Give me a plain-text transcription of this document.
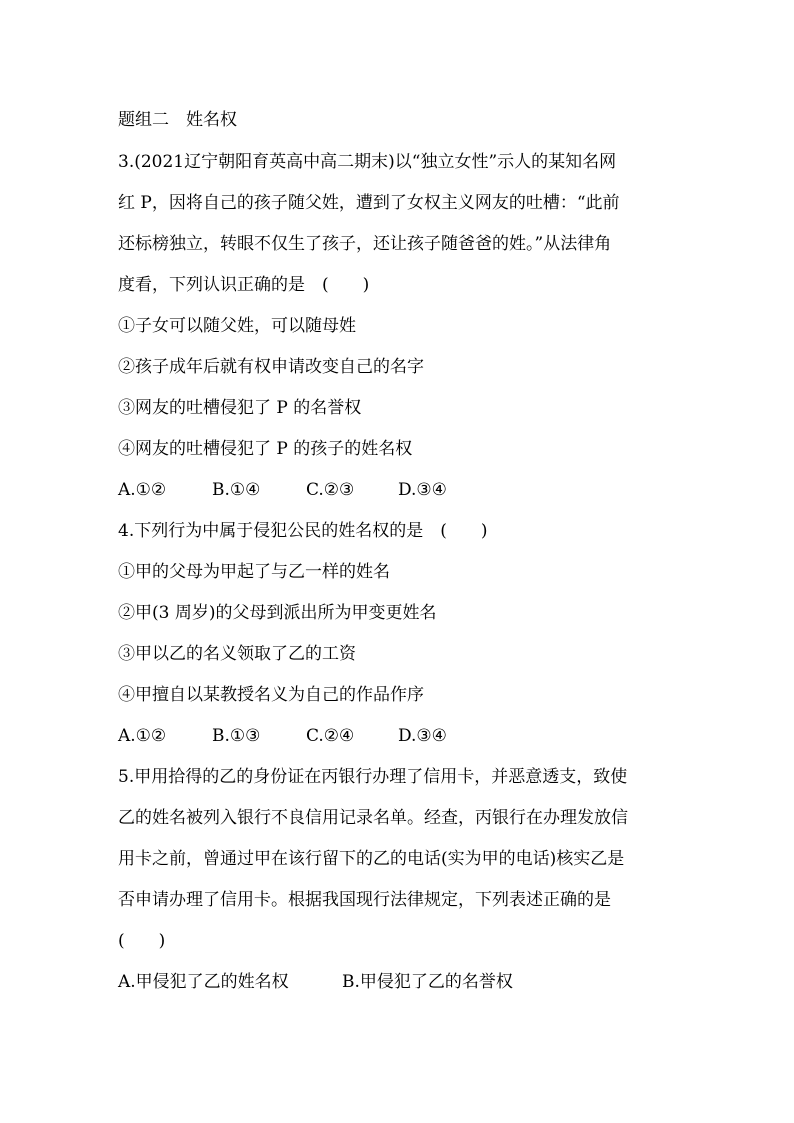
题组二　姓名权

3.(2021辽宁朝阳育英高中高二期末)以“独立女性”示人的某知名网

红 P，因将自己的孩子随父姓，遭到了女权主义网友的吐槽：“此前

还标榜独立，转眼不仅生了孩子，还让孩子随爸爸的姓。”从法律角

度看，下列认识正确的是　(　　)

①子女可以随父姓，可以随母姓

②孩子成年后就有权申请改变自己的名字

③网友的吐槽侵犯了 P 的名誉权

④网友的吐槽侵犯了 P 的孩子的姓名权

A.①②	B.①④	C.②③	D.③④

4.下列行为中属于侵犯公民的姓名权的是　(　　)

①甲的父母为甲起了与乙一样的姓名

②甲(3 周岁)的父母到派出所为甲变更姓名

③甲以乙的名义领取了乙的工资

④甲擅自以某教授名义为自己的作品作序

A.①②	B.①③	C.②④	D.③④

5.甲用拾得的乙的身份证在丙银行办理了信用卡，并恶意透支，致使

乙的姓名被列入银行不良信用记录名单。经查，丙银行在办理发放信

用卡之前，曾通过甲在该行留下的乙的电话(实为甲的电话)核实乙是

否申请办理了信用卡。根据我国现行法律规定，下列表述正确的是

(　　)

A.甲侵犯了乙的姓名权	B.甲侵犯了乙的名誉权
